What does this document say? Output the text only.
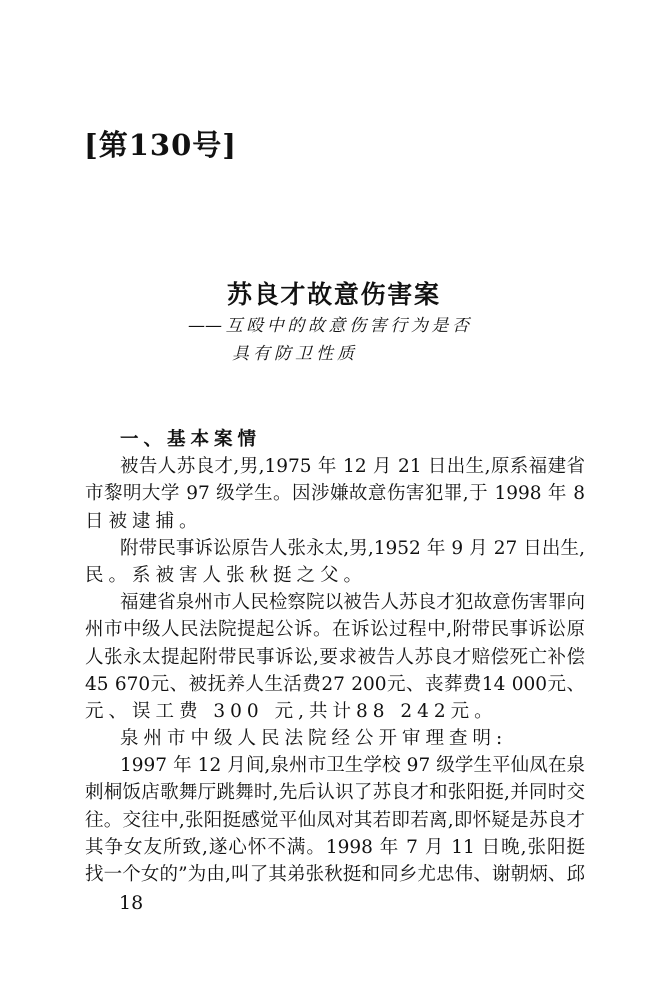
[第130号]
苏良才故意伤害案
——互殴中的故意伤害行为是否
具有防卫性质
一、基本案情
被告人苏良才,男,1975 年 12 月 21 日出生,原系福建省
市黎明大学 97 级学生。因涉嫌故意伤害犯罪,于 1998 年 8
日被逮捕。
附带民事诉讼原告人张永太,男,1952 年 9 月 27 日出生,
民。系被害人张秋挺之父。
福建省泉州市人民检察院以被告人苏良才犯故意伤害罪向
州市中级人民法院提起公诉。在诉讼过程中,附带民事诉讼原
人张永太提起附带民事诉讼,要求被告人苏良才赔偿死亡补偿
45 670元、被抚养人生活费27 200元、丧葬费14 000元、
元、误工费 300 元,共计88 242元。
泉州市中级人民法院经公开审理查明:
1997 年 12 月间,泉州市卫生学校 97 级学生平仙凤在泉
刺桐饭店歌舞厅跳舞时,先后认识了苏良才和张阳挺,并同时交
往。交往中,张阳挺感觉平仙凤对其若即若离,即怀疑是苏良才
其争女友所致,遂心怀不满。1998 年 7 月 11 日晚,张阳挺
找一个女的”为由,叫了其弟张秋挺和同乡尤忠伟、谢朝炳、邱
18
